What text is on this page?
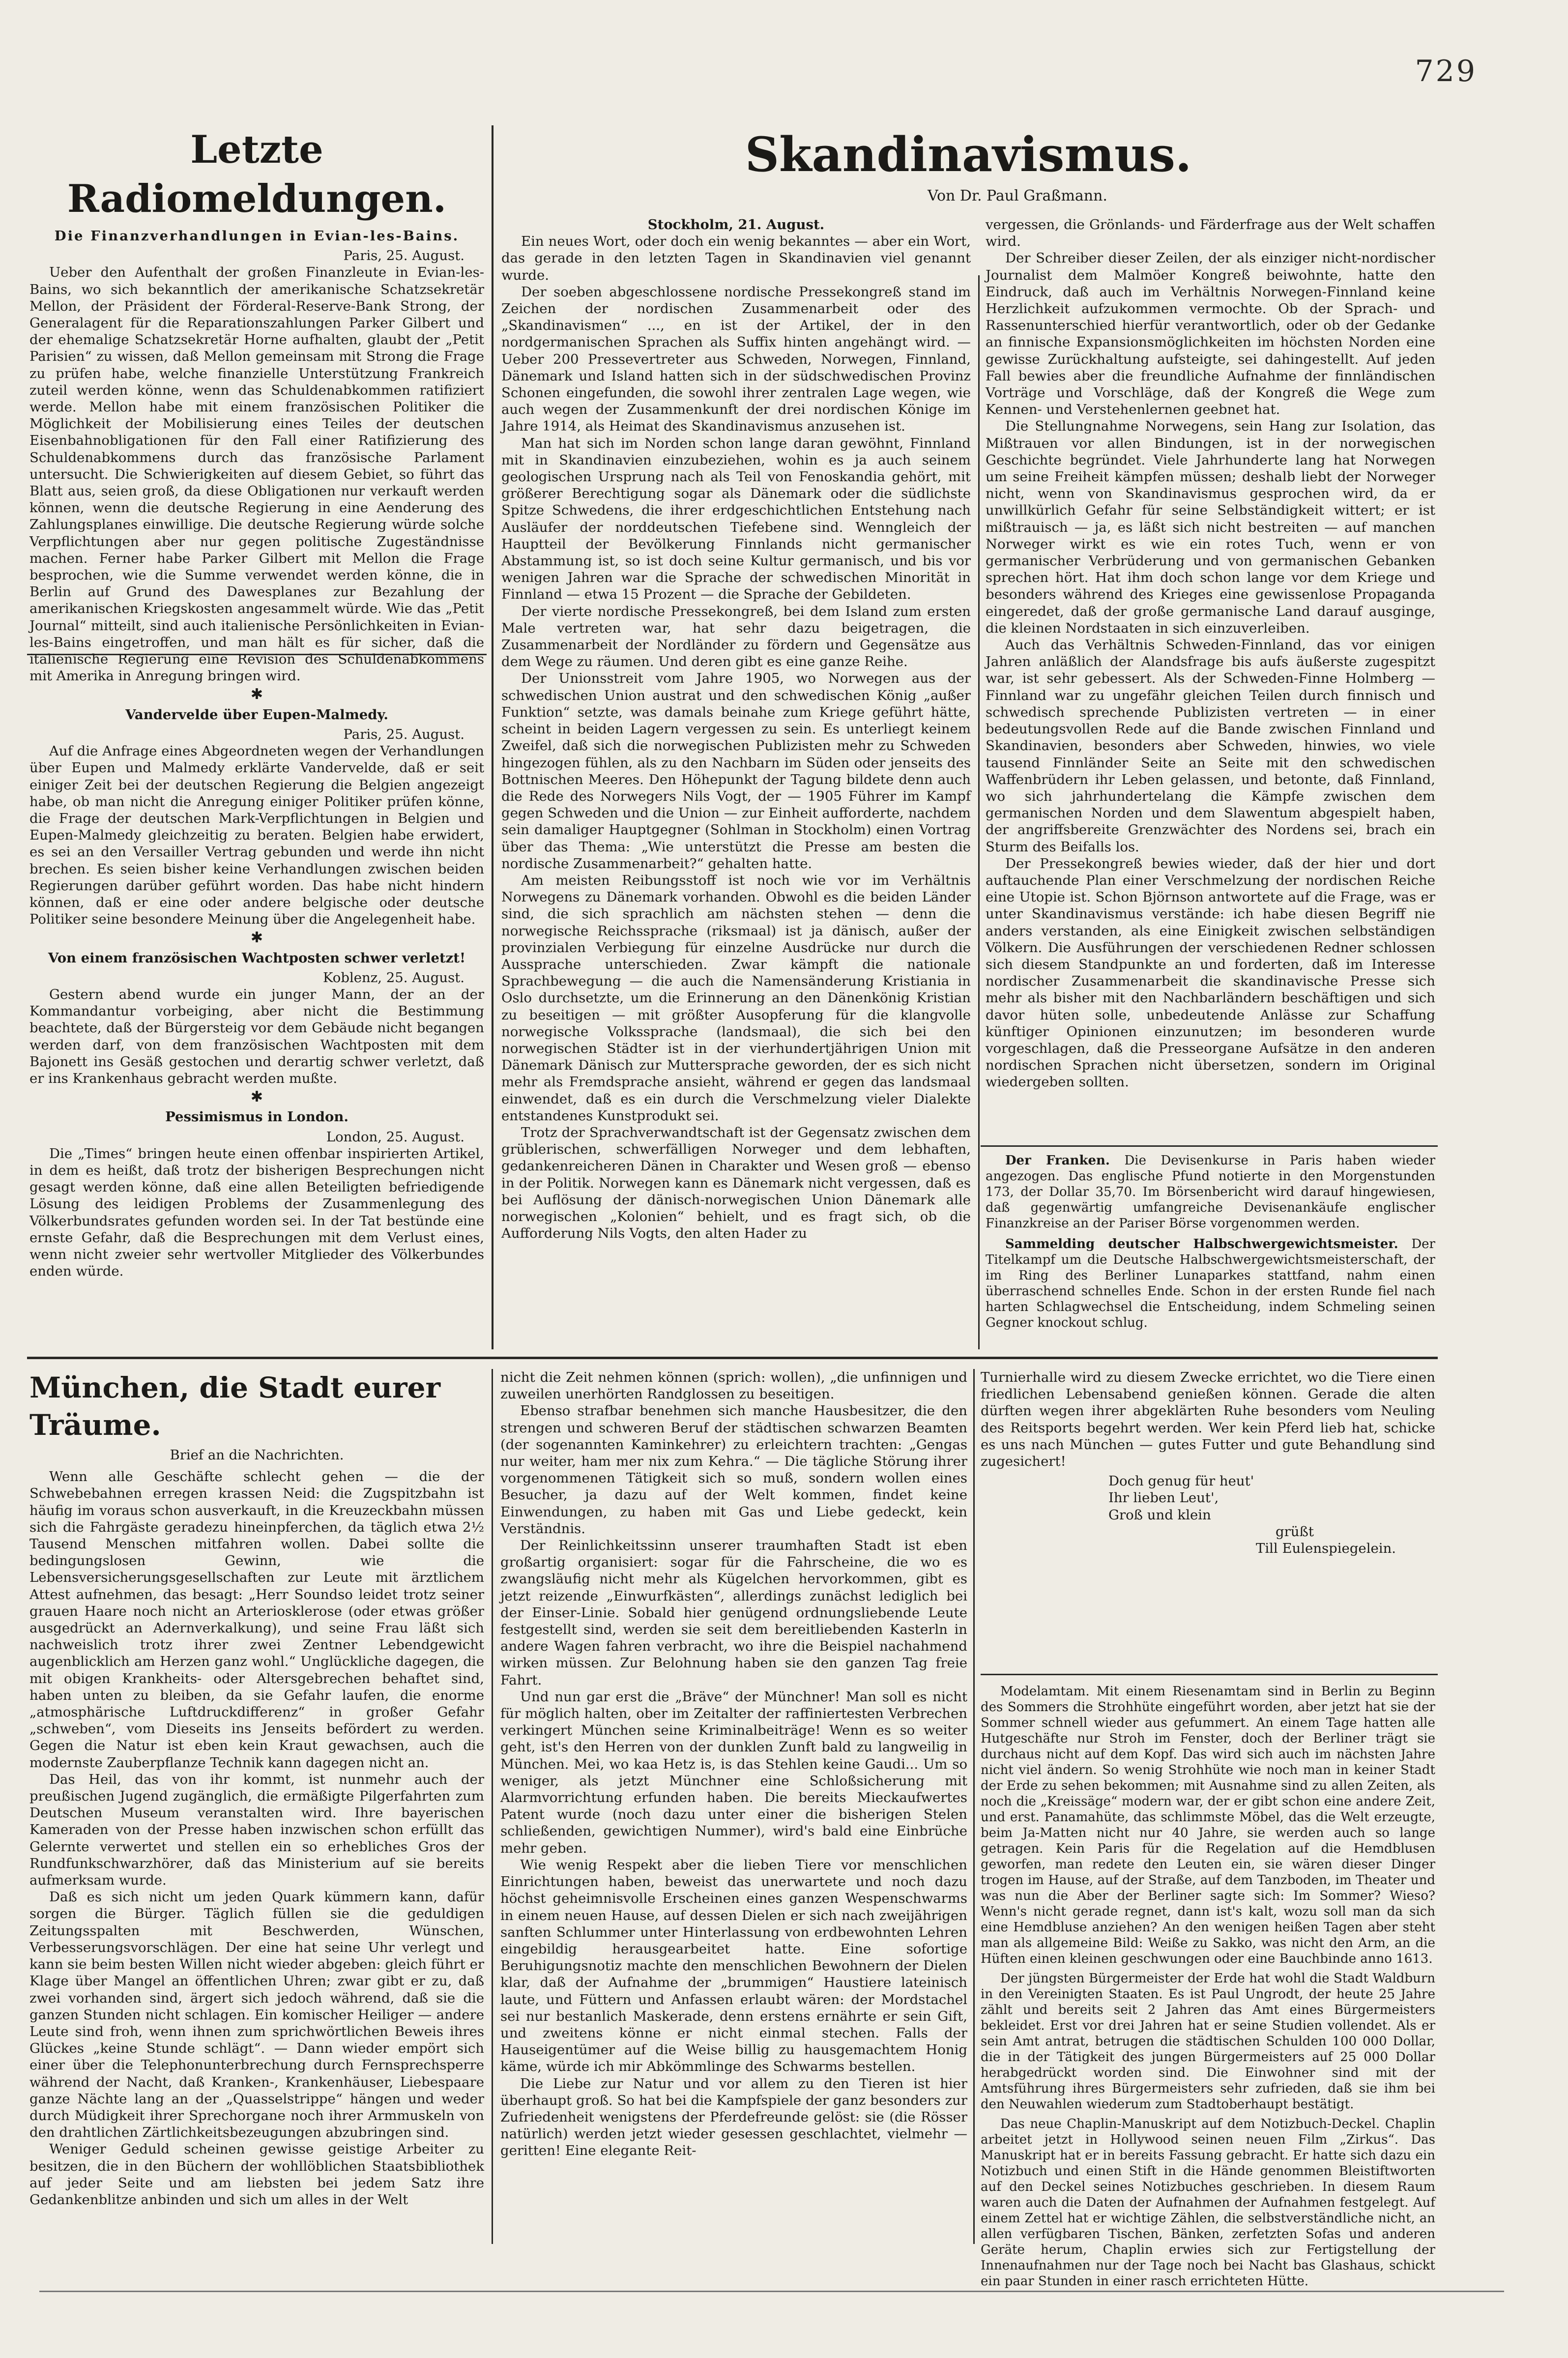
729
Letzte Radiomeldungen.
Die Finanzverhandlungen in Evian-les-Bains.
Paris, 25. August.

Ueber den Aufenthalt der großen Finanzleute in Evian-les-Bains, wo sich bekanntlich der amerikanische Schatzsekretär Mellon, der Präsident der Förderal-Reserve-Bank Strong, der Generalagent für die Reparationszahlungen Parker Gilbert und der ehemalige Schatzsekretär Horne aufhalten, glaubt der „Petit Parisien“ zu wissen, daß Mellon gemeinsam mit Strong die Frage zu prüfen habe, welche finanzielle Unterstützung Frankreich zuteil werden könne, wenn das Schuldenabkommen ratifiziert werde. Mellon habe mit einem französischen Politiker die Möglichkeit der Mobilisierung eines Teiles der deutschen Eisenbahnobligationen für den Fall einer Ratifizierung des Schuldenabkommens durch das französische Parlament untersucht. Die Schwierigkeiten auf diesem Gebiet, so führt das Blatt aus, seien groß, da diese Obligationen nur verkauft werden können, wenn die deutsche Regierung in eine Aenderung des Zahlungsplanes einwillige. Die deutsche Regierung würde solche Verpflichtungen aber nur gegen politische Zugeständnisse machen. Ferner habe Parker Gilbert mit Mellon die Frage besprochen, wie die Summe verwendet werden könne, die in Berlin auf Grund des Dawesplanes zur Bezahlung der amerikanischen Kriegskosten angesammelt würde. Wie das „Petit Journal“ mitteilt, sind auch italienische Persönlichkeiten in Evian-les-Bains eingetroffen, und man hält es für sicher, daß die italienische Regierung eine Revision des Schuldenabkommens mit Amerika in Anregung bringen wird.

✱
Vandervelde über Eupen-Malmedy.
Paris, 25. August.

Auf die Anfrage eines Abgeordneten wegen der Verhandlungen über Eupen und Malmedy erklärte Vandervelde, daß er seit einiger Zeit bei der deutschen Regierung die Belgien angezeigt habe, ob man nicht die Anregung einiger Politiker prüfen könne, die Frage der deutschen Mark-Verpflichtungen in Belgien und Eupen-Malmedy gleichzeitig zu beraten. Belgien habe erwidert, es sei an den Versailler Vertrag gebunden und werde ihn nicht brechen. Es seien bisher keine Verhandlungen zwischen beiden Regierungen darüber geführt worden. Das habe nicht hindern können, daß er eine oder andere belgische oder deutsche Politiker seine besondere Meinung über die Angelegenheit habe.

✱
Von einem französischen Wachtposten schwer verletzt!
Koblenz, 25. August.

Gestern abend wurde ein junger Mann, der an der Kommandantur vorbeiging, aber nicht die Bestimmung beachtete, daß der Bürgersteig vor dem Gebäude nicht begangen werden darf, von dem französischen Wachtposten mit dem Bajonett ins Gesäß gestochen und derartig schwer verletzt, daß er ins Krankenhaus gebracht werden mußte.

✱
Pessimismus in London.
London, 25. August.

Die „Times“ bringen heute einen offenbar inspirierten Artikel, in dem es heißt, daß trotz der bisherigen Besprechungen nicht gesagt werden könne, daß eine allen Beteiligten befriedigende Lösung des leidigen Problems der Zusammenlegung des Völkerbundsrates gefunden worden sei. In der Tat bestünde eine ernste Gefahr, daß die Besprechungen mit dem Verlust eines, wenn nicht zweier sehr wertvoller Mitglieder des Völkerbundes enden würde.

Skandinavismus.
Von Dr. Paul Graßmann.
Stockholm, 21. August.

Ein neues Wort, oder doch ein wenig bekanntes — aber ein Wort, das gerade in den letzten Tagen in Skandinavien viel genannt wurde.

Der soeben abgeschlossene nordische Pressekongreß stand im Zeichen der nordischen Zusammenarbeit oder des „Skandinavismen“ ..., en ist der Artikel, der in den nordgermanischen Sprachen als Suffix hinten angehängt wird. — Ueber 200 Pressevertreter aus Schweden, Norwegen, Finnland, Dänemark und Island hatten sich in der südschwedischen Provinz Schonen eingefunden, die sowohl ihrer zentralen Lage wegen, wie auch wegen der Zusammenkunft der drei nordischen Könige im Jahre 1914, als Heimat des Skandinavismus anzusehen ist.

Man hat sich im Norden schon lange daran gewöhnt, Finnland mit in Skandinavien einzubeziehen, wohin es ja auch seinem geologischen Ursprung nach als Teil von Fenoskandia gehört, mit größerer Berechtigung sogar als Dänemark oder die südlichste Spitze Schwedens, die ihrer erdgeschichtlichen Entstehung nach Ausläufer der norddeutschen Tiefebene sind. Wenngleich der Hauptteil der Bevölkerung Finnlands nicht germanischer Abstammung ist, so ist doch seine Kultur germanisch, und bis vor wenigen Jahren war die Sprache der schwedischen Minorität in Finnland — etwa 15 Prozent — die Sprache der Gebildeten.

Der vierte nordische Pressekongreß, bei dem Island zum ersten Male vertreten war, hat sehr dazu beigetragen, die Zusammenarbeit der Nordländer zu fördern und Gegensätze aus dem Wege zu räumen. Und deren gibt es eine ganze Reihe.

Der Unionsstreit vom Jahre 1905, wo Norwegen aus der schwedischen Union austrat und den schwedischen König „außer Funktion“ setzte, was damals beinahe zum Kriege geführt hätte, scheint in beiden Lagern vergessen zu sein. Es unterliegt keinem Zweifel, daß sich die norwegischen Publizisten mehr zu Schweden hingezogen fühlen, als zu den Nachbarn im Süden oder jenseits des Bottnischen Meeres. Den Höhepunkt der Tagung bildete denn auch die Rede des Norwegers Nils Vogt, der — 1905 Führer im Kampf gegen Schweden und die Union — zur Einheit aufforderte, nachdem sein damaliger Hauptgegner (Sohlman in Stockholm) einen Vortrag über das Thema: „Wie unterstützt die Presse am besten die nordische Zusammenarbeit?“ gehalten hatte.

Am meisten Reibungsstoff ist noch wie vor im Verhältnis Norwegens zu Dänemark vorhanden. Obwohl es die beiden Länder sind, die sich sprachlich am nächsten stehen — denn die norwegische Reichssprache (riksmaal) ist ja dänisch, außer der provinzialen Verbiegung für einzelne Ausdrücke nur durch die Aussprache unterschieden. Zwar kämpft die nationale Sprachbewegung — die auch die Namensänderung Kristiania in Oslo durchsetzte, um die Erinnerung an den Dänenkönig Kristian zu beseitigen — mit größter Ausopferung für die klangvolle norwegische Volkssprache (landsmaal), die sich bei den norwegischen Städter ist in der vierhundertjährigen Union mit Dänemark Dänisch zur Muttersprache geworden, der es sich nicht mehr als Fremdsprache ansieht, während er gegen das landsmaal einwendet, daß es ein durch die Verschmelzung vieler Dialekte entstandenes Kunstprodukt sei.

Trotz der Sprachverwandtschaft ist der Gegensatz zwischen dem grüblerischen, schwerfälligen Norweger und dem lebhaften, gedankenreicheren Dänen in Charakter und Wesen groß — ebenso in der Politik. Norwegen kann es Dänemark nicht vergessen, daß es bei Auflösung der dänisch-norwegischen Union Dänemark alle norwegischen „Kolonien“ behielt, und es fragt sich, ob die Aufforderung Nils Vogts, den alten Hader zu

vergessen, die Grönlands- und Färderfrage aus der Welt schaffen wird.

Der Schreiber dieser Zeilen, der als einziger nicht-nordischer Journalist dem Malmöer Kongreß beiwohnte, hatte den Eindruck, daß auch im Verhältnis Norwegen-Finnland keine Herzlichkeit aufzukommen vermochte. Ob der Sprach- und Rassenunterschied hierfür verantwortlich, oder ob der Gedanke an finnische Expansionsmöglichkeiten im höchsten Norden eine gewisse Zurückhaltung aufsteigte, sei dahingestellt. Auf jeden Fall bewies aber die freundliche Aufnahme der finnländischen Vorträge und Vorschläge, daß der Kongreß die Wege zum Kennen- und Verstehenlernen geebnet hat.

Die Stellungnahme Norwegens, sein Hang zur Isolation, das Mißtrauen vor allen Bindungen, ist in der norwegischen Geschichte begründet. Viele Jahrhunderte lang hat Norwegen um seine Freiheit kämpfen müssen; deshalb liebt der Norweger nicht, wenn von Skandinavismus gesprochen wird, da er unwillkürlich Gefahr für seine Selbständigkeit wittert; er ist mißtrauisch — ja, es läßt sich nicht bestreiten — auf manchen Norweger wirkt es wie ein rotes Tuch, wenn er von germanischer Verbrüderung und von germanischen Gebanken sprechen hört. Hat ihm doch schon lange vor dem Kriege und besonders während des Krieges eine gewissenlose Propaganda eingeredet, daß der große germanische Land darauf ausginge, die kleinen Nordstaaten in sich einzuverleiben.

Auch das Verhältnis Schweden-Finnland, das vor einigen Jahren anläßlich der Alandsfrage bis aufs äußerste zugespitzt war, ist sehr gebessert. Als der Schweden-Finne Holmberg — Finnland war zu ungefähr gleichen Teilen durch finnisch und schwedisch sprechende Publizisten vertreten — in einer bedeutungsvollen Rede auf die Bande zwischen Finnland und Skandinavien, besonders aber Schweden, hinwies, wo viele tausend Finnländer Seite an Seite mit den schwedischen Waffenbrüdern ihr Leben gelassen, und betonte, daß Finnland, wo sich jahrhundertelang die Kämpfe zwischen dem germanischen Norden und dem Slawentum abgespielt haben, der angriffsbereite Grenzwächter des Nordens sei, brach ein Sturm des Beifalls los.

Der Pressekongreß bewies wieder, daß der hier und dort auftauchende Plan einer Verschmelzung der nordischen Reiche eine Utopie ist. Schon Björnson antwortete auf die Frage, was er unter Skandinavismus verstände: ich habe diesen Begriff nie anders verstanden, als eine Einigkeit zwischen selbständigen Völkern. Die Ausführungen der verschiedenen Redner schlossen sich diesem Standpunkte an und forderten, daß im Interesse nordischer Zusammenarbeit die skandinavische Presse sich mehr als bisher mit den Nachbarländern beschäftigen und sich davor hüten solle, unbedeutende Anlässe zur Schaffung künftiger Opinionen einzunutzen; im besonderen wurde vorgeschlagen, daß die Presseorgane Aufsätze in den anderen nordischen Sprachen nicht übersetzen, sondern im Original wiedergeben sollten.

Der Franken. Die Devisenkurse in Paris haben wieder angezogen. Das englische Pfund notierte in den Morgenstunden 173, der Dollar 35,70. Im Börsenbericht wird darauf hingewiesen, daß gegenwärtig umfangreiche Devisenankäufe englischer Finanzkreise an der Pariser Börse vorgenommen werden.

Sammelding deutscher Halbschwergewichtsmeister. Der Titelkampf um die Deutsche Halbschwergewichtsmeisterschaft, der im Ring des Berliner Lunaparkes stattfand, nahm einen überraschend schnelles Ende. Schon in der ersten Runde fiel nach harten Schlagwechsel die Entscheidung, indem Schmeling seinen Gegner knockout schlug.

München, die Stadt eurer Träume.
Brief an die Nachrichten.

Wenn alle Geschäfte schlecht gehen — die der Schwebebahnen erregen krassen Neid: die Zugspitzbahn ist häufig im voraus schon ausverkauft, in die Kreuzeckbahn müssen sich die Fahrgäste geradezu hineinpferchen, da täglich etwa 2½ Tausend Menschen mitfahren wollen. Dabei sollte die bedingungslosen Gewinn, wie die Lebensversicherungsgesellschaften zur Leute mit ärztlichem Attest aufnehmen, das besagt: „Herr Soundso leidet trotz seiner grauen Haare noch nicht an Arteriosklerose (oder etwas größer ausgedrückt an Adernverkalkung), und seine Frau läßt sich nachweislich trotz ihrer zwei Zentner Lebendgewicht augenblicklich am Herzen ganz wohl.“ Unglückliche dagegen, die mit obigen Krankheits- oder Altersgebrechen behaftet sind, haben unten zu bleiben, da sie Gefahr laufen, die enorme „atmosphärische Luftdruckdifferenz“ in großer Gefahr „schweben“, vom Dieseits ins Jenseits befördert zu werden. Gegen die Natur ist eben kein Kraut gewachsen, auch die modernste Zauberpflanze Technik kann dagegen nicht an.

Das Heil, das von ihr kommt, ist nunmehr auch der preußischen Jugend zugänglich, die ermäßigte Pilgerfahrten zum Deutschen Museum veranstalten wird. Ihre bayerischen Kameraden von der Presse haben inzwischen schon erfüllt das Gelernte verwertet und stellen ein so erhebliches Gros der Rundfunkschwarzhörer, daß das Ministerium auf sie bereits aufmerksam wurde.

Daß es sich nicht um jeden Quark kümmern kann, dafür sorgen die Bürger. Täglich füllen sie die geduldigen Zeitungsspalten mit Beschwerden, Wünschen, Verbesserungsvorschlägen. Der eine hat seine Uhr verlegt und kann sie beim besten Willen nicht wieder abgeben: gleich führt er Klage über Mangel an öffentlichen Uhren; zwar gibt er zu, daß zwei vorhanden sind, ärgert sich jedoch während, daß sie die ganzen Stunden nicht schlagen. Ein komischer Heiliger — andere Leute sind froh, wenn ihnen zum sprichwörtlichen Beweis ihres Glückes „keine Stunde schlägt“. — Dann wieder empört sich einer über die Telephonunterbrechung durch Fernsprechsperre während der Nacht, daß Kranken-, Krankenhäuser, Liebespaare ganze Nächte lang an der „Quasselstrippe“ hängen und weder durch Müdigkeit ihrer Sprechorgane noch ihrer Armmuskeln von den drahtlichen Zärtlichkeitsbezeugungen abzubringen sind.

Weniger Geduld scheinen gewisse geistige Arbeiter zu besitzen, die in den Büchern der wohllöblichen Staatsbibliothek auf jeder Seite und am liebsten bei jedem Satz ihre Gedankenblitze anbinden und sich um alles in der Welt

nicht die Zeit nehmen können (sprich: wollen), „die unfinnigen und zuweilen unerhörten Randglossen zu beseitigen.

Ebenso strafbar benehmen sich manche Hausbesitzer, die den strengen und schweren Beruf der städtischen schwarzen Beamten (der sogenannten Kaminkehrer) zu erleichtern trachten: „Gengas nur weiter, ham mer nix zum Kehra.“ — Die tägliche Störung ihrer vorgenommenen Tätigkeit sich so muß, sondern wollen eines Besucher, ja dazu auf der Welt kommen, findet keine Einwendungen, zu haben mit Gas und Liebe gedeckt, kein Verständnis.

Der Reinlichkeitssinn unserer traumhaften Stadt ist eben großartig organisiert: sogar für die Fahrscheine, die wo es zwangsläufig nicht mehr als Kügelchen hervorkommen, gibt es jetzt reizende „Einwurfkästen“, allerdings zunächst lediglich bei der Einser-Linie. Sobald hier genügend ordnungsliebende Leute festgestellt sind, werden sie seit dem bereitliebenden Kasterln in andere Wagen fahren verbracht, wo ihre die Beispiel nachahmend wirken müssen. Zur Belohnung haben sie den ganzen Tag freie Fahrt.

Und nun gar erst die „Bräve“ der Münchner! Man soll es nicht für möglich halten, ober im Zeitalter der raffiniertesten Verbrechen verkingert München seine Kriminalbeiträge! Wenn es so weiter geht, ist's den Herren von der dunklen Zunft bald zu langweilig in München. Mei, wo kaa Hetz is, is das Stehlen keine Gaudi... Um so weniger, als jetzt Münchner eine Schloßsicherung mit Alarmvorrichtung erfunden haben. Die bereits Mieckaufwertes Patent wurde (noch dazu unter einer die bisherigen Stelen schließenden, gewichtigen Nummer), wird's bald eine Einbrüche mehr geben.

Wie wenig Respekt aber die lieben Tiere vor menschlichen Einrichtungen haben, beweist das unerwartete und noch dazu höchst geheimnisvolle Erscheinen eines ganzen Wespenschwarms in einem neuen Hause, auf dessen Dielen er sich nach zweijährigen sanften Schlummer unter Hinterlassung von erdbewohnten Lehren eingebildig herausgearbeitet hatte. Eine sofortige Beruhigungsnotiz machte den menschlichen Bewohnern der Dielen klar, daß der Aufnahme der „brummigen“ Haustiere lateinisch laute, und Füttern und Anfassen erlaubt wären: der Mordstachel sei nur bestanlich Maskerade, denn erstens ernährte er sein Gift, und zweitens könne er nicht einmal stechen. Falls der Hauseigentümer auf die Weise billig zu hausgemachtem Honig käme, würde ich mir Abkömmlinge des Schwarms bestellen.

Die Liebe zur Natur und vor allem zu den Tieren ist hier überhaupt groß. So hat bei die Kampfspiele der ganz besonders zur Zufriedenheit wenigstens der Pferdefreunde gelöst: sie (die Rösser natürlich) werden jetzt wieder gesessen geschlachtet, vielmehr — geritten! Eine elegante Reit-

Turnierhalle wird zu diesem Zwecke errichtet, wo die Tiere einen friedlichen Lebensabend genießen können. Gerade die alten dürften wegen ihrer abgeklärten Ruhe besonders vom Neuling des Reitsports begehrt werden. Wer kein Pferd lieb hat, schicke es uns nach München — gutes Futter und gute Behandlung sind zugesichert!

Doch genug für heut'

Ihr lieben Leut',

Groß und klein

grüßt

Till Eulenspiegelein.

Modelamtam. Mit einem Riesenamtam sind in Berlin zu Beginn des Sommers die Strohhüte eingeführt worden, aber jetzt hat sie der Sommer schnell wieder aus gefummert. An einem Tage hatten alle Hutgeschäfte nur Stroh im Fenster, doch der Berliner trägt sie durchaus nicht auf dem Kopf. Das wird sich auch im nächsten Jahre nicht viel ändern. So wenig Strohhüte wie noch man in keiner Stadt der Erde zu sehen bekommen; mit Ausnahme sind zu allen Zeiten, als noch die „Kreissäge“ modern war, der er gibt schon eine andere Zeit, und erst. Panamahüte, das schlimmste Möbel, das die Welt erzeugte, beim Ja-Matten nicht nur 40 Jahre, sie werden auch so lange getragen. Kein Paris für die Regelation auf die Hemdblusen geworfen, man redete den Leuten ein, sie wären dieser Dinger trogen im Hause, auf der Straße, auf dem Tanzboden, im Theater und was nun die Aber der Berliner sagte sich: Im Sommer? Wieso? Wenn's nicht gerade regnet, dann ist's kalt, wozu soll man da sich eine Hemdbluse anziehen? An den wenigen heißen Tagen aber steht man als allgemeine Bild: Weiße zu Sakko, was nicht den Arm, an die Hüften einen kleinen geschwungen oder eine Bauchbinde anno 1613.

Der jüngsten Bürgermeister der Erde hat wohl die Stadt Waldburn in den Vereinigten Staaten. Es ist Paul Ungrodt, der heute 25 Jahre zählt und bereits seit 2 Jahren das Amt eines Bürgermeisters bekleidet. Erst vor drei Jahren hat er seine Studien vollendet. Als er sein Amt antrat, betrugen die städtischen Schulden 100 000 Dollar, die in der Tätigkeit des jungen Bürgermeisters auf 25 000 Dollar herabgedrückt worden sind. Die Einwohner sind mit der Amtsführung ihres Bürgermeisters sehr zufrieden, daß sie ihm bei den Neuwahlen wiederum zum Stadtoberhaupt bestätigt.

Das neue Chaplin-Manuskript auf dem Notizbuch-Deckel. Chaplin arbeitet jetzt in Hollywood seinen neuen Film „Zirkus“. Das Manuskript hat er in bereits Fassung gebracht. Er hatte sich dazu ein Notizbuch und einen Stift in die Hände genommen Bleistiftworten auf den Deckel seines Notizbuches geschrieben. In diesem Raum waren auch die Daten der Aufnahmen der Aufnahmen festgelegt. Auf einem Zettel hat er wichtige Zählen, die selbstverständliche nicht, an allen verfügbaren Tischen, Bänken, zerfetzten Sofas und anderen Geräte herum, Chaplin erwies sich zur Fertigstellung der Innenaufnahmen nur der Tage noch bei Nacht bas Glashaus, schickt ein paar Stunden in einer rasch errichteten Hütte.
